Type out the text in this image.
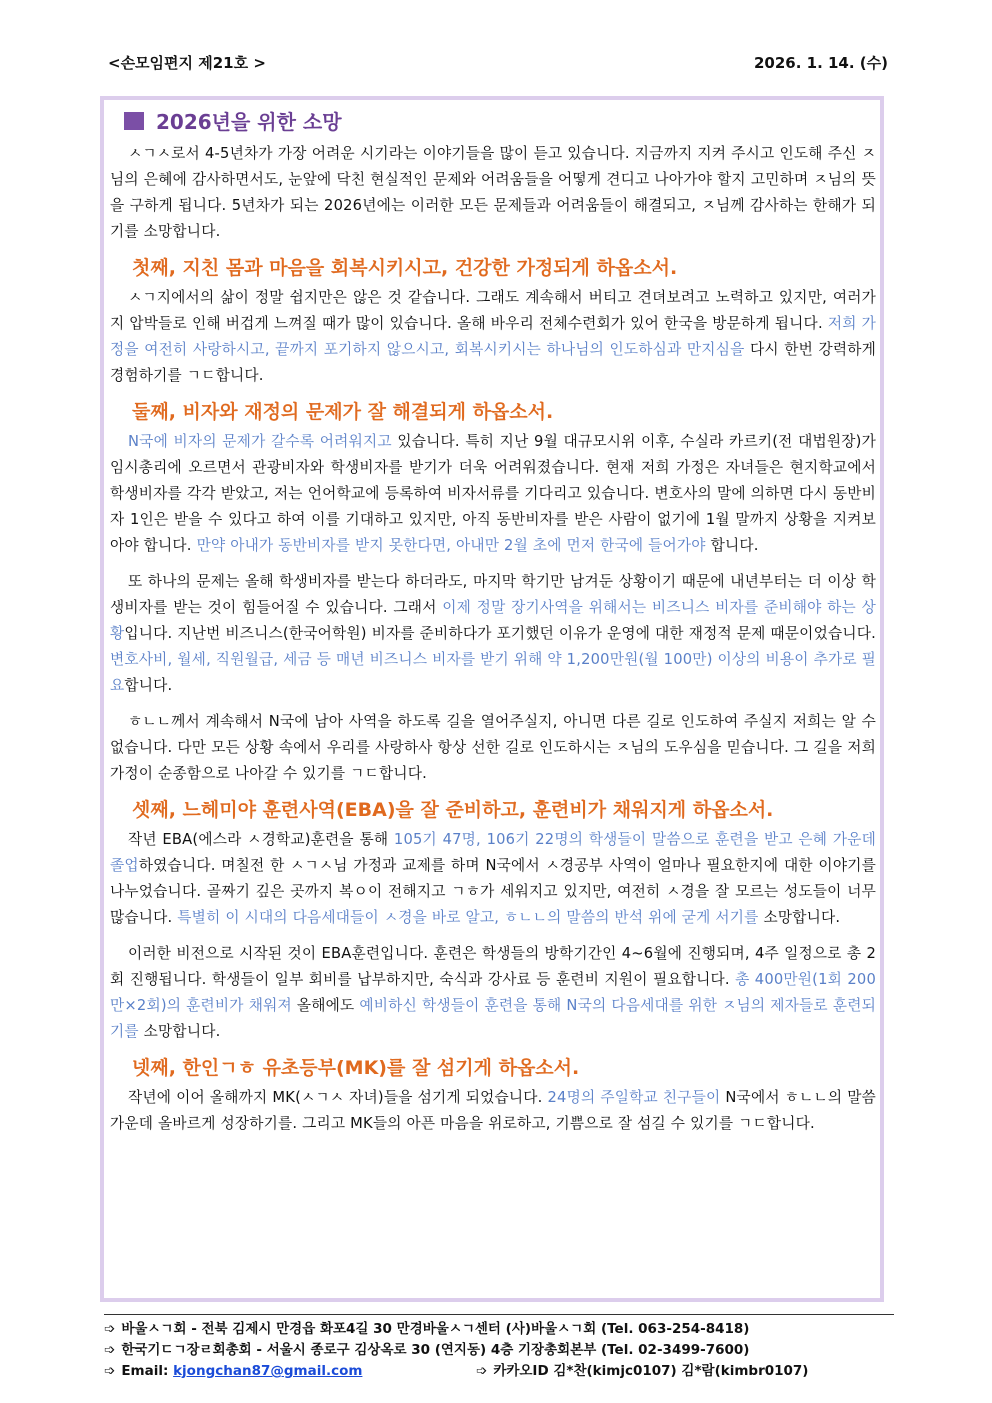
<손모임편지 제21호 >	2026. 1. 14. (수)
2026년을 위한 소망

ㅅㄱㅅ로서 4-5년차가 가장 어려운 시기라는 이야기들을 많이 듣고 있습니다. 지금까지 지켜 주시고 인도해 주신 ㅈ님의 은혜에 감사하면서도, 눈앞에 닥친 현실적인 문제와 어려움들을 어떻게 견디고 나아가야 할지 고민하며 ㅈ님의 뜻을 구하게 됩니다. 5년차가 되는 2026년에는 이러한 모든 문제들과 어려움들이 해결되고, ㅈ님께 감사하는 한해가 되기를 소망합니다.

첫째, 지친 몸과 마음을 회복시키시고, 건강한 가정되게 하옵소서.

ㅅㄱ지에서의 삶이 정말 쉽지만은 않은 것 같습니다. 그래도 계속해서 버티고 견뎌보려고 노력하고 있지만, 여러가지 압박들로 인해 버겁게 느껴질 때가 많이 있습니다. 올해 바우리 전체수련회가 있어 한국을 방문하게 됩니다. 저희 가정을 여전히 사랑하시고, 끝까지 포기하지 않으시고, 회복시키시는 하나님의 인도하심과 만지심을 다시 한번 강력하게 경험하기를 ㄱㄷ합니다.

둘째, 비자와 재정의 문제가 잘 해결되게 하옵소서.

N국에 비자의 문제가 갈수록 어려워지고 있습니다. 특히 지난 9월 대규모시위 이후, 수실라 카르키(전 대법원장)가 임시총리에 오르면서 관광비자와 학생비자를 받기가 더욱 어려워졌습니다. 현재 저희 가정은 자녀들은 현지학교에서 학생비자를 각각 받았고, 저는 언어학교에 등록하여 비자서류를 기다리고 있습니다. 변호사의 말에 의하면 다시 동반비자 1인은 받을 수 있다고 하여 이를 기대하고 있지만, 아직 동반비자를 받은 사람이 없기에 1월 말까지 상황을 지켜보아야 합니다. 만약 아내가 동반비자를 받지 못한다면, 아내만 2월 초에 먼저 한국에 들어가야 합니다.

또 하나의 문제는 올해 학생비자를 받는다 하더라도, 마지막 학기만 남겨둔 상황이기 때문에 내년부터는 더 이상 학생비자를 받는 것이 힘들어질 수 있습니다. 그래서 이제 정말 장기사역을 위해서는 비즈니스 비자를 준비해야 하는 상황입니다. 지난번 비즈니스(한국어학원) 비자를 준비하다가 포기했던 이유가 운영에 대한 재정적 문제 때문이었습니다. 변호사비, 월세, 직원월급, 세금 등 매년 비즈니스 비자를 받기 위해 약 1,200만원(월 100만) 이상의 비용이 추가로 필요합니다.

ㅎㄴㄴ께서 계속해서 N국에 남아 사역을 하도록 길을 열어주실지, 아니면 다른 길로 인도하여 주실지 저희는 알 수 없습니다. 다만 모든 상황 속에서 우리를 사랑하사 항상 선한 길로 인도하시는 ㅈ님의 도우심을 믿습니다. 그 길을 저희 가정이 순종함으로 나아갈 수 있기를 ㄱㄷ합니다.

셋째, 느헤미야 훈련사역(EBA)을 잘 준비하고, 훈련비가 채워지게 하옵소서.

작년 EBA(에스라 ㅅ경학교)훈련을 통해 105기 47명, 106기 22명의 학생들이 말씀으로 훈련을 받고 은혜 가운데 졸업하였습니다. 며칠전 한 ㅅㄱㅅ님 가정과 교제를 하며 N국에서 ㅅ경공부 사역이 얼마나 필요한지에 대한 이야기를 나누었습니다. 골짜기 깊은 곳까지 복ㅇ이 전해지고 ㄱㅎ가 세워지고 있지만, 여전히 ㅅ경을 잘 모르는 성도들이 너무 많습니다. 특별히 이 시대의 다음세대들이 ㅅ경을 바로 알고, ㅎㄴㄴ의 말씀의 반석 위에 굳게 서기를 소망합니다.

이러한 비전으로 시작된 것이 EBA훈련입니다. 훈련은 학생들의 방학기간인 4~6월에 진행되며, 4주 일정으로 총 2회 진행됩니다. 학생들이 일부 회비를 납부하지만, 숙식과 강사료 등 훈련비 지원이 필요합니다. 총 400만원(1회 200만×2회)의 훈련비가 채워져 올해에도 예비하신 학생들이 훈련을 통해 N국의 다음세대를 위한 ㅈ님의 제자들로 훈련되기를 소망합니다.

넷째, 한인ㄱㅎ 유초등부(MK)를 잘 섬기게 하옵소서.

작년에 이어 올해까지 MK(ㅅㄱㅅ 자녀)들을 섬기게 되었습니다. 24명의 주일학교 친구들이 N국에서 ㅎㄴㄴ의 말씀 가운데 올바르게 성장하기를. 그리고 MK들의 아픈 마음을 위로하고, 기쁨으로 잘 섬길 수 있기를 ㄱㄷ합니다.

➩ 바울ㅅㄱ회 - 전북 김제시 만경읍 화포4길 30 만경바울ㅅㄱ센터 (사)바울ㅅㄱ회 (Tel. 063-254-8418)
➩ 한국기ㄷㄱ장ㄹ회총회 - 서울시 종로구 김상옥로 30 (연지동) 4층 기장총회본부 (Tel. 02-3499-7600)
➩ Email: kjongchan87@gmail.com	➩ 카카오ID 김*찬(kimjc0107) 김*람(kimbr0107)
